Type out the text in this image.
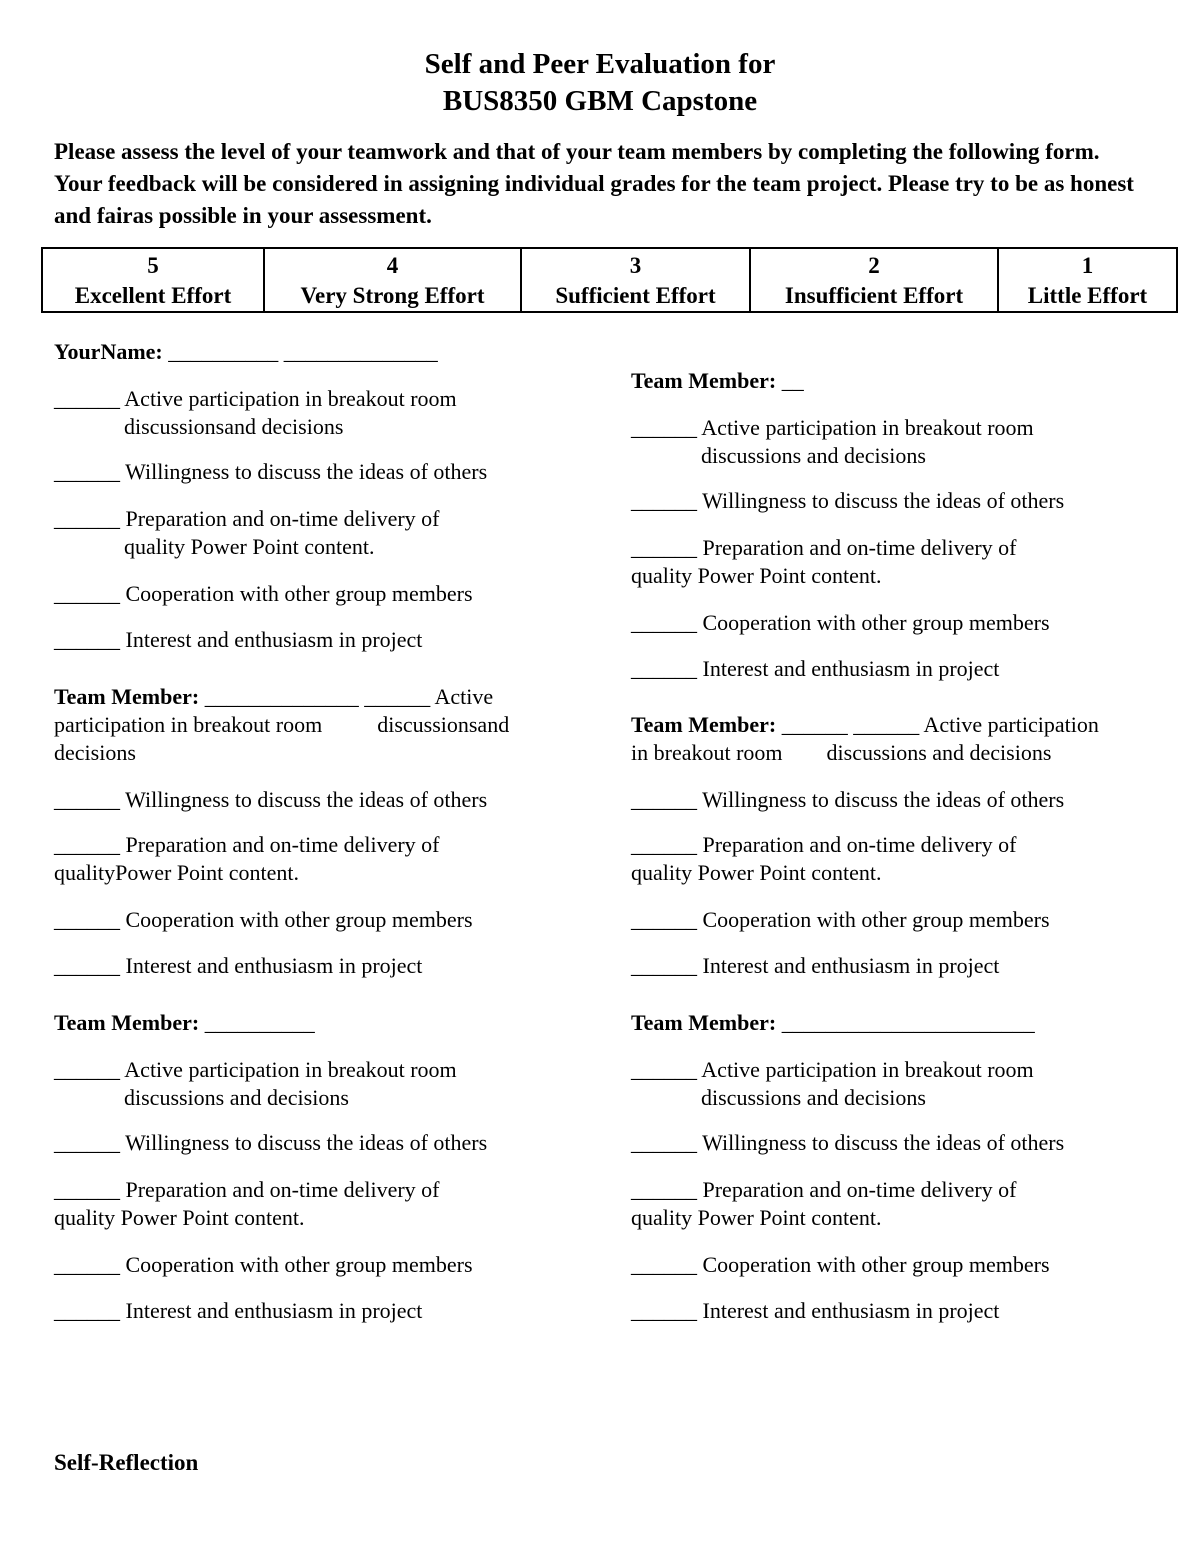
Self and Peer Evaluation for
BUS8350 GBM Capstone
Please assess the level of your teamwork and that of your team members by completing the following form. Your feedback will be considered in assigning individual grades for the team project. Please try to be as honest and fairas possible in your assessment.
5
Excellent Effort

4
Very Strong Effort

3
Sufficient Effort

2
Insufficient Effort

1
Little Effort
YourName: __________ ______________
______ Active participation in breakout room
discussionsand decisions
______ Willingness to discuss the ideas of others
______ Preparation and on-time delivery of
quality Power Point content.
______ Cooperation with other group members
______ Interest and enthusiasm in project
Team Member: __
______ Active participation in breakout room
discussions and decisions
______ Willingness to discuss the ideas of others
______ Preparation and on-time delivery of
quality Power Point content.
______ Cooperation with other group members
______ Interest and enthusiasm in project
Team Member: ______________ ______ Active
participation in breakout room          discussionsand
decisions
______ Willingness to discuss the ideas of others
______ Preparation and on-time delivery of
qualityPower Point content.
______ Cooperation with other group members
______ Interest and enthusiasm in project
Team Member: ______ ______ Active participation
in breakout room        discussions and decisions
______ Willingness to discuss the ideas of others
______ Preparation and on-time delivery of
quality Power Point content.
______ Cooperation with other group members
______ Interest and enthusiasm in project
Team Member: __________
______ Active participation in breakout room
discussions and decisions
______ Willingness to discuss the ideas of others
______ Preparation and on-time delivery of
quality Power Point content.
______ Cooperation with other group members
______ Interest and enthusiasm in project
Team Member: _______________________
______ Active participation in breakout room
discussions and decisions
______ Willingness to discuss the ideas of others
______ Preparation and on-time delivery of
quality Power Point content.
______ Cooperation with other group members
______ Interest and enthusiasm in project
Self-Reflection
